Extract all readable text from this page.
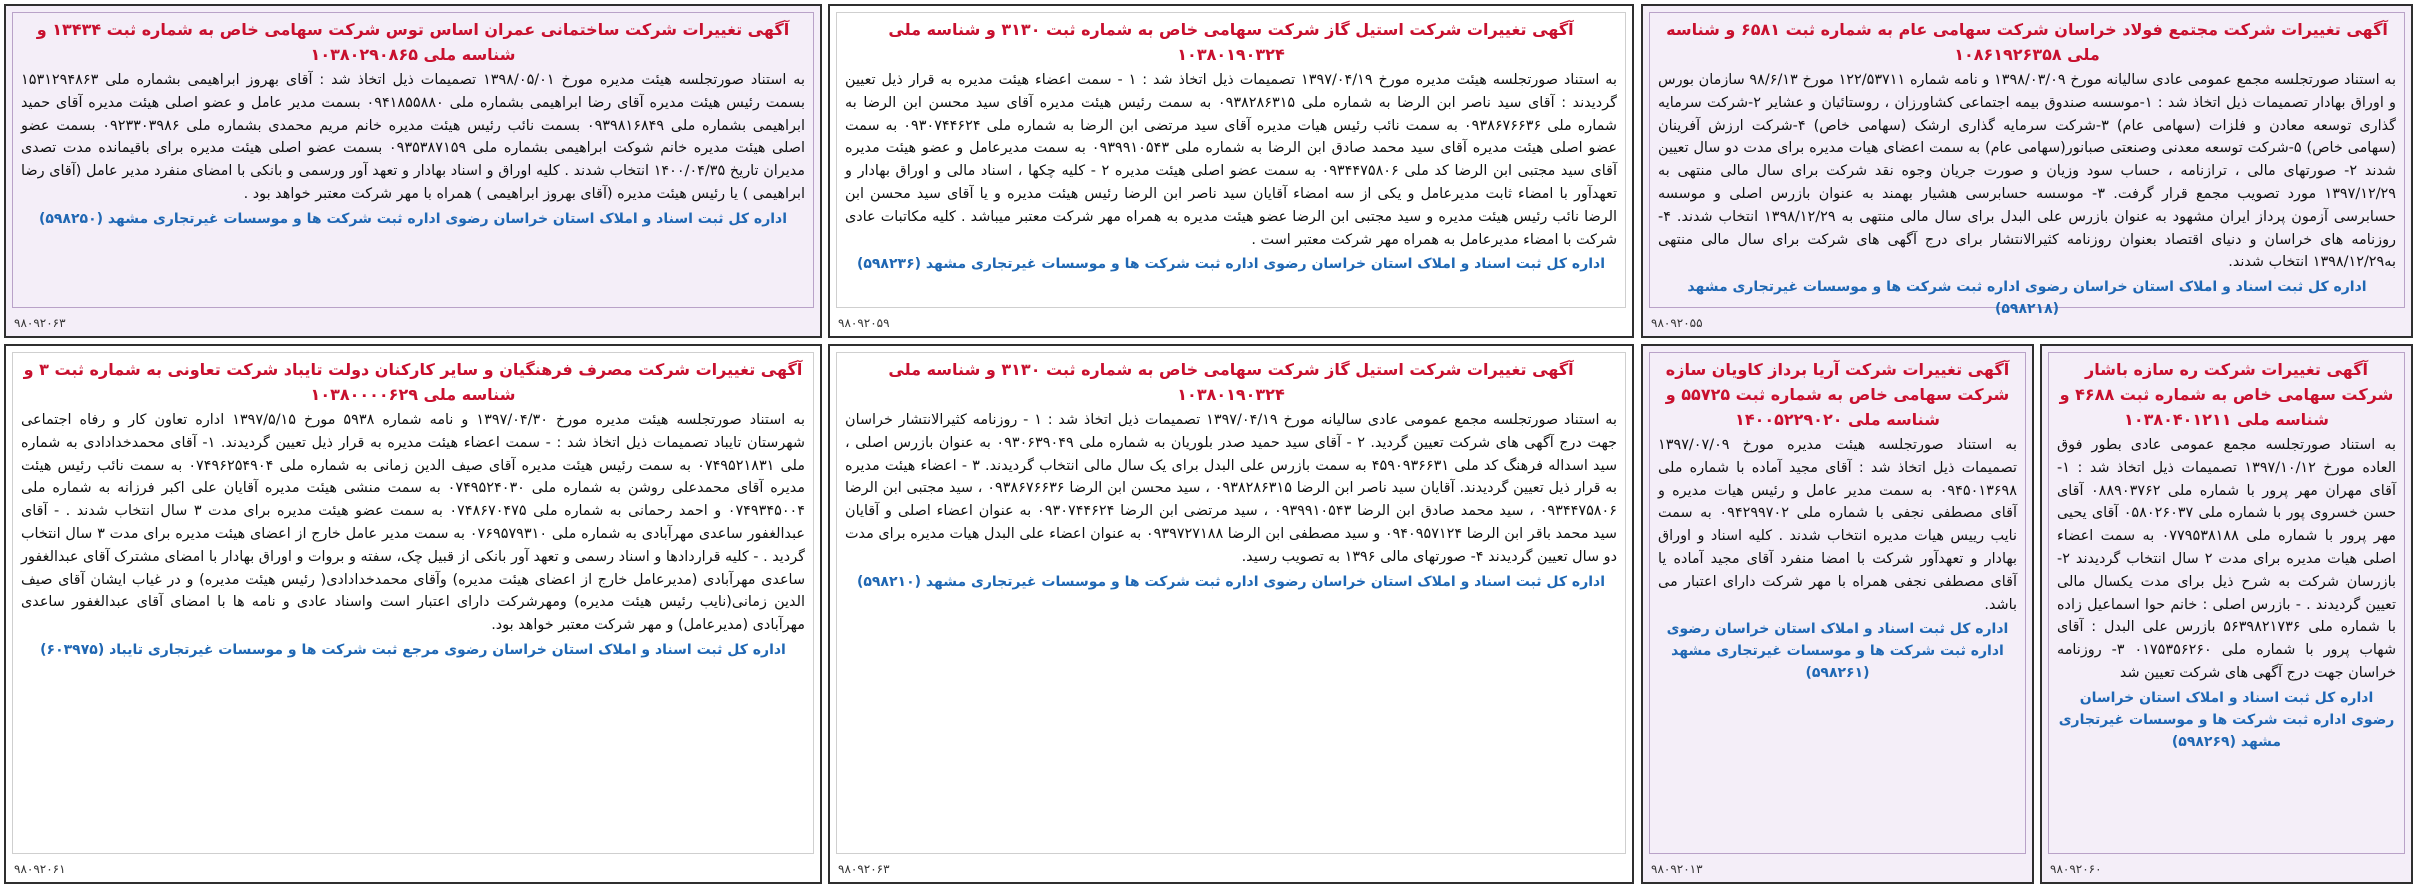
آگهی تغییرات شرکت مجتمع فولاد خراسان شرکت سهامی عام به شماره ثبت ۶۵۸۱ و شناسه ملی ۱۰۸۶۱۹۲۶۳۵۸
به استناد صورتجلسه مجمع عمومی عادی سالیانه مورخ ۱۳۹۸/۰۳/۰۹ و نامه شماره ۱۲۲/۵۳۷۱۱ مورخ ۹۸/۶/۱۳ سازمان بورس و اوراق بهادار تصمیمات ذیل اتخاذ شد : ۱-موسسه صندوق بیمه اجتماعی کشاورزان ، روستائیان و عشایر ۲-شرکت سرمایه گذاری توسعه معادن و فلزات (سهامی عام) ۳-شرکت سرمایه گذاری ارشک (سهامی خاص) ۴-شرکت ارزش آفرینان (سهامی خاص) ۵-شرکت توسعه معدنی وصنعتی صبانور(سهامی عام) به سمت اعضای هیات مدیره برای مدت دو سال تعیین شدند ۲- صورتهای مالی ، ترازنامه ، حساب سود وزیان و صورت جریان وجوه نقد شرکت برای سال مالی منتهی به ۱۳۹۷/۱۲/۲۹ مورد تصویب مجمع قرار گرفت. ۳- موسسه حسابرسی هشیار بهمند به عنوان بازرس اصلی و موسسه حسابرسی آزمون پرداز ایران مشهود به عنوان بازرس علی البدل برای سال مالی منتهی به ۱۳۹۸/۱۲/۲۹ انتخاب شدند. ۴- روزنامه های خراسان و دنیای اقتصاد بعنوان روزنامه کثیرالانتشار برای درج آگهی های شرکت برای سال مالی منتهی به۱۳۹۸/۱۲/۲۹ انتخاب شدند.
اداره کل ثبت اسناد و املاک استان خراسان رضوی اداره ثبت شرکت ها و موسسات غیرتجاری مشهد (۵۹۸۲۱۸)
۹۸۰۹۲۰۵۵
آگهی تغییرات شرکت استیل گاز شرکت سهامی خاص به شماره ثبت ۳۱۳۰ و شناسه ملی ۱۰۳۸۰۱۹۰۳۲۴
به استناد صورتجلسه هیئت مدیره مورخ ۱۳۹۷/۰۴/۱۹ تصمیمات ذیل اتخاذ شد : ۱ - سمت اعضاء هیئت مدیره به قرار ذیل تعیین گردیدند : آقای سید ناصر ابن الرضا به شماره ملی ۰۹۳۸۲۸۶۳۱۵ به سمت رئیس هیئت مدیره آقای سید محسن ابن الرضا به شماره ملی ۰۹۳۸۶۷۶۶۳۶ به سمت نائب رئیس هیات مدیره آقای سید مرتضی ابن الرضا به شماره ملی ۰۹۳۰۷۴۴۶۲۴ به سمت عضو اصلی هیئت مدیره آقای سید محمد صادق ابن الرضا به شماره ملی ۰۹۳۹۹۱۰۵۴۳ به سمت مدیرعامل و عضو هیئت مدیره آقای سید مجتبی ابن الرضا کد ملی ۰۹۳۴۴۷۵۸۰۶ به سمت عضو اصلی هیئت مدیره ۲ - کلیه چکها ، اسناد مالی و اوراق بهادار و تعهدآور با امضاء ثابت مدیرعامل و یکی از سه امضاء آقایان سید ناصر ابن الرضا رئیس هیئت مدیره و یا آقای سید محسن ابن الرضا نائب رئیس هیئت مدیره و سید مجتبی ابن الرضا عضو هیئت مدیره به همراه مهر شرکت معتبر میباشد . کلیه مکاتبات عادی شرکت با امضاء مدیرعامل به همراه مهر شرکت معتبر است .
اداره کل ثبت اسناد و املاک استان خراسان رضوی اداره ثبت شرکت ها و موسسات غیرتجاری مشهد (۵۹۸۲۳۶)
۹۸۰۹۲۰۵۹
آگهی تغییرات شرکت ساختمانی عمران اساس توس شرکت سهامی خاص به شماره ثبت ۱۳۴۳۴ و شناسه ملی ۱۰۳۸۰۲۹۰۸۶۵
به استناد صورتجلسه هیئت مدیره مورخ ۱۳۹۸/۰۵/۰۱ تصمیمات ذیل اتخاذ شد : آقای بهروز ابراهیمی بشماره ملی ۱۵۳۱۲۹۴۸۶۳ بسمت رئیس هیئت مدیره آقای رضا ابراهیمی بشماره ملی ۰۹۴۱۸۵۵۸۸۰ بسمت مدیر عامل و عضو اصلی هیئت مدیره آقای حمید ابراهیمی بشماره ملی ۰۹۳۹۸۱۶۸۴۹ بسمت نائب رئیس هیئت مدیره خانم مریم محمدی بشماره ملی ۰۹۲۳۳۰۳۹۸۶ بسمت عضو اصلی هیئت مدیره خانم شوکت ابراهیمی بشماره ملی ۰۹۳۵۳۸۷۱۵۹ بسمت عضو اصلی هیئت مدیره برای باقیمانده مدت تصدی مدیران تاریخ ۱۴۰۰/۰۴/۳۵ انتخاب شدند . کلیه اوراق و اسناد بهادار و تعهد آور ورسمی و بانکی با امضای منفرد مدیر عامل (آقای رضا ابراهیمی ) یا رئیس هیئت مدیره (آقای بهروز ابراهیمی ) همراه با مهر شرکت معتبر خواهد بود .
اداره کل ثبت اسناد و املاک استان خراسان رضوی اداره ثبت شرکت ها و موسسات غیرتجاری مشهد (۵۹۸۲۵۰)
۹۸۰۹۲۰۶۳
آگهی تغییرات شرکت ره سازه باشار شرکت سهامی خاص به شماره ثبت ۴۶۸۸ و شناسه ملی ۱۰۳۸۰۴۰۱۲۱۱
به استناد صورتجلسه مجمع عمومی عادی بطور فوق العاده مورخ ۱۳۹۷/۱۰/۱۲ تصمیمات ذیل اتخاذ شد : ۱- آقای مهران مهر پرور با شماره ملی ۰۸۸۹۰۳۷۶۲ آقای حسن خسروی پور با شماره ملی ۰۵۸۰۲۶۰۳۷ آقای یحیی مهر پرور با شماره ملی ۰۷۷۹۵۳۸۱۸۸ به سمت اعضاء اصلی هیات مدیره برای مدت ۲ سال انتخاب گردیدند ۲- بازرسان شرکت به شرح ذیل برای مدت یکسال مالی تعیین گردیدند . - بازرس اصلی : خانم حوا اسماعیل زاده با شماره ملی ۵۶۳۹۸۲۱۷۳۶ بازرس علی البدل : آقای شهاب پرور با شماره ملی ۰۱۷۵۳۵۶۲۶۰ ۳- روزنامه خراسان جهت درج آگهی های شرکت تعیین شد
اداره کل ثبت اسناد و املاک استان خراسان رضوی اداره ثبت شرکت ها و موسسات غیرتجاری مشهد (۵۹۸۲۶۹)
۹۸۰۹۲۰۶۰
آگهی تغییرات شرکت آریا برداز کاویان سازه شرکت سهامی خاص به شماره ثبت ۵۵۷۲۵ و شناسه ملی ۱۴۰۰۵۲۲۹۰۲۰
به استناد صورتجلسه هیئت مدیره مورخ ۱۳۹۷/۰۷/۰۹ تصمیمات ذیل اتخاذ شد : آقای مجید آماده با شماره ملی ۰۹۴۵۰۱۳۶۹۸ به سمت مدیر عامل و رئیس هیات مدیره و آقای مصطفی نجفی با شماره ملی ۰۹۴۲۹۹۷۰۲ به سمت نایب رییس هیات مدیره انتخاب شدند . کلیه اسناد و اوراق بهادار و تعهدآور شرکت با امضا منفرد آقای مجید آماده یا آقای مصطفی نجفی همراه با مهر شرکت دارای اعتبار می باشد.
اداره کل ثبت اسناد و املاک استان خراسان رضوی اداره ثبت شرکت ها و موسسات غیرتجاری مشهد (۵۹۸۲۶۱)
۹۸۰۹۲۰۱۳
آگهی تغییرات شرکت استیل گاز شرکت سهامی خاص به شماره ثبت ۳۱۳۰ و شناسه ملی ۱۰۳۸۰۱۹۰۳۲۴
به استناد صورتجلسه مجمع عمومی عادی سالیانه مورخ ۱۳۹۷/۰۴/۱۹ تصمیمات ذیل اتخاذ شد : ۱ - روزنامه کثیرالانتشار خراسان جهت درج آگهی های شرکت تعیین گردید. ۲ - آقای سید حمید صدر بلوریان به شماره ملی ۰۹۳۰۶۳۹۰۴۹ به عنوان بازرس اصلی ، سید اسداله فرهنگ کد ملی ۴۵۹۰۹۳۶۶۳۱ به سمت بازرس علی البدل برای یک سال مالی انتخاب گردیدند. ۳ - اعضاء هیئت مدیره به قرار ذیل تعیین گردیدند. آقایان سید ناصر ابن الرضا ۰۹۳۸۲۸۶۳۱۵ ، سید محسن ابن الرضا ۰۹۳۸۶۷۶۶۳۶ ، سید مجتبی ابن الرضا ۰۹۳۴۴۷۵۸۰۶ ، سید محمد صادق ابن الرضا ۰۹۳۹۹۱۰۵۴۳ ، سید مرتضی ابن الرضا ۰۹۳۰۷۴۴۶۲۴ به عنوان اعضاء اصلی و آقایان سید محمد باقر ابن الرضا ۰۹۴۰۹۵۷۱۲۴ و سید مصطفی ابن الرضا ۰۹۳۹۷۲۷۱۸۸ به عنوان اعضاء علی البدل هیات مدیره برای مدت دو سال تعیین گردیدند ۴- صورتهای مالی ۱۳۹۶ به تصویب رسید.
اداره کل ثبت اسناد و املاک استان خراسان رضوی اداره ثبت شرکت ها و موسسات غیرتجاری مشهد (۵۹۸۲۱۰)
۹۸۰۹۲۰۶۳
آگهی تغییرات شرکت مصرف فرهنگیان و سایر کارکنان دولت تایباد شرکت تعاونی به شماره ثبت ۳ و شناسه ملی ۱۰۳۸۰۰۰۰۶۲۹
به استناد صورتجلسه هیئت مدیره مورخ ۱۳۹۷/۰۴/۳۰ و نامه شماره ۵۹۳۸ مورخ ۱۳۹۷/۵/۱۵ اداره تعاون کار و رفاه اجتماعی شهرستان تایباد تصمیمات ذیل اتخاذ شد : - سمت اعضاء هیئت مدیره به قرار ذیل تعیین گردیدند. ۱- آقای محمدخدادادی به شماره ملی ۰۷۴۹۵۲۱۸۳۱ به سمت رئیس هیئت مدیره آقای صیف الدین زمانی به شماره ملی ۰۷۴۹۶۲۵۴۹۰۴ به سمت نائب رئیس هیئت مدیره آقای محمدعلی روشن به شماره ملی ۰۷۴۹۵۲۴۰۳۰ به سمت منشی هیئت مدیره آقایان علی اکبر فرزانه به شماره ملی ۰۷۴۹۳۴۵۰۰۴ و احمد رحمانی به شماره ملی ۰۷۴۸۶۷۰۴۷۵ به سمت عضو هیئت مدیره برای مدت ۳ سال انتخاب شدند . - آقای عبدالغفور ساعدی مهرآبادی به شماره ملی ۰۷۶۹۵۷۹۳۱۰ به سمت مدیر عامل خارج از اعضای هیئت مدیره برای مدت ۳ سال انتخاب گردید . - کلیه قراردادها و اسناد رسمی و تعهد آور بانکی از قبیل چک، سفته و بروات و اوراق بهادار با امضای مشترک آقای عبدالغفور ساعدی مهرآبادی (مدیرعامل خارج از اعضای هیئت مدیره) وآقای محمدخدادادی( رئیس هیئت مدیره) و در غیاب ایشان آقای صیف الدین زمانی(نایب رئیس هیئت مدیره) ومهرشرکت دارای اعتبار است واسناد عادی و نامه ها با امضای آقای عبدالغفور ساعدی مهرآبادی (مدیرعامل) و مهر شرکت معتبر خواهد بود.
اداره کل ثبت اسناد و املاک استان خراسان رضوی مرجع ثبت شرکت ها و موسسات غیرتجاری تایباد (۶۰۳۹۷۵)
۹۸۰۹۲۰۶۱
